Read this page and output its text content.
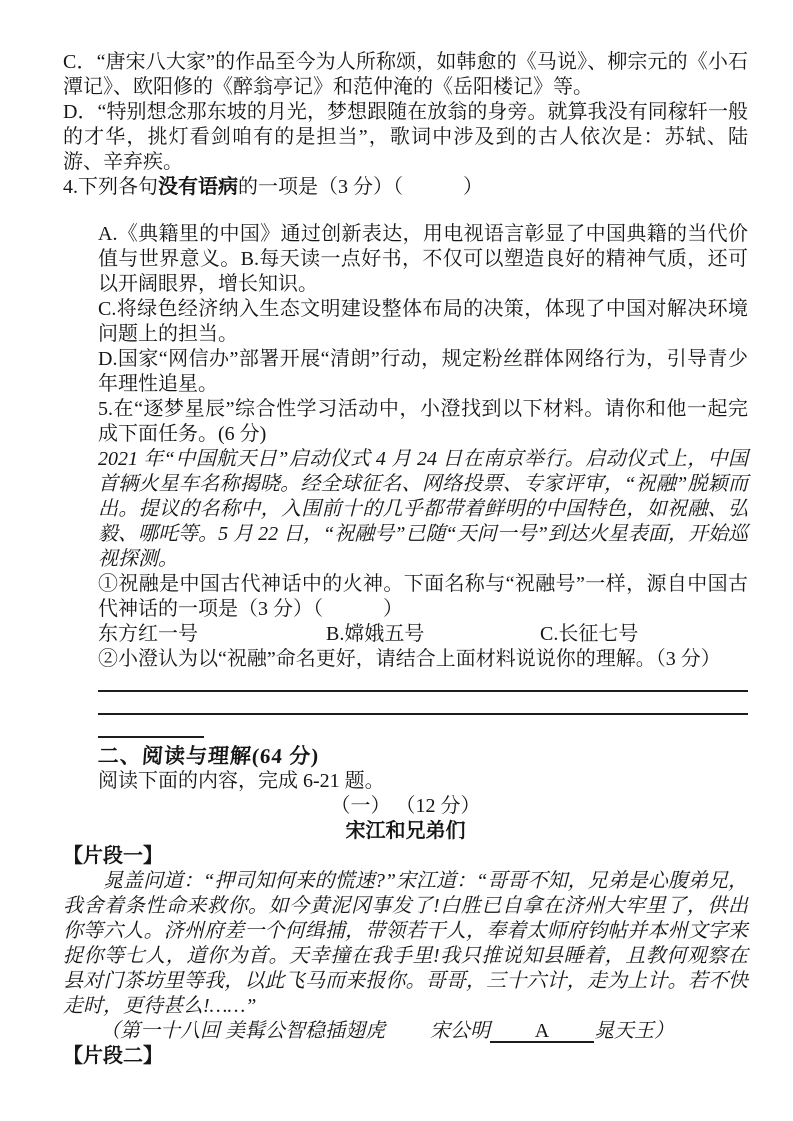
C．“唐宋八大家”的作品至今为人所称颂，如韩愈的《马说》、柳宗元的《小石潭记》、欧阳修的《醉翁亭记》和范仲淹的《岳阳楼记》等。

D．“特别想念那东坡的月光，梦想跟随在放翁的身旁。就算我没有同稼轩一般的才华，挑灯看剑咱有的是担当”，歌词中涉及到的古人依次是：苏轼、陆游、辛弃疾。

4.下列各句没有语病的一项是（3 分）（　　　）

A.《典籍里的中国》通过创新表达，用电视语言彰显了中国典籍的当代价值与世界意义。B.每天读一点好书，不仅可以塑造良好的精神气质，还可以开阔眼界，增长知识。

C.将绿色经济纳入生态文明建设整体布局的决策，体现了中国对解决环境问题上的担当。

D.国家“网信办”部署开展“清朗”行动，规定粉丝群体网络行为，引导青少年理性追星。

5.在“逐梦星辰”综合性学习活动中，小澄找到以下材料。请你和他一起完成下面任务。(6 分)

2021 年“中国航天日”启动仪式 4 月 24 日在南京举行。启动仪式上，中国首辆火星车名称揭晓。经全球征名、网络投票、专家评审，“祝融”脱颖而出。提议的名称中，入围前十的几乎都带着鲜明的中国特色，如祝融、弘毅、哪吒等。5 月 22 日，“祝融号”已随“天问一号”到达火星表面，开始巡视探测。

①祝融是中国古代神话中的火神。下面名称与“祝融号”一样，源自中国古代神话的一项是（3 分）（　　　）

东方红一号	B.嫦娥五号	C.长征七号

②小澄认为以“祝融”命名更好，请结合上面材料说说你的理解。（3 分）

二、阅读与理解(64 分)

阅读下面的内容，完成 6-21 题。

（一） （12 分）

宋江和兄弟们

【片段一】

晁盖问道：“押司知何来的慌速?”宋江道：“哥哥不知，兄弟是心腹弟兄，我舍着条性命来救你。如今黄泥冈事发了!白胜已自拿在济州大牢里了，供出你等六人。济州府差一个何缉捕，带领若干人，奉着太师府钧帖并本州文字来捉你等七人，道你为首。天幸撞在我手里!我只推说知县睡着，且教何观察在县对门茶坊里等我，以此飞马而来报你。哥哥，三十六计，走为上计。若不快走时，更待甚么!……”

（第一十八回 美髯公智稳插翅虎　　 宋公明 A 晁天王）

【片段二】
